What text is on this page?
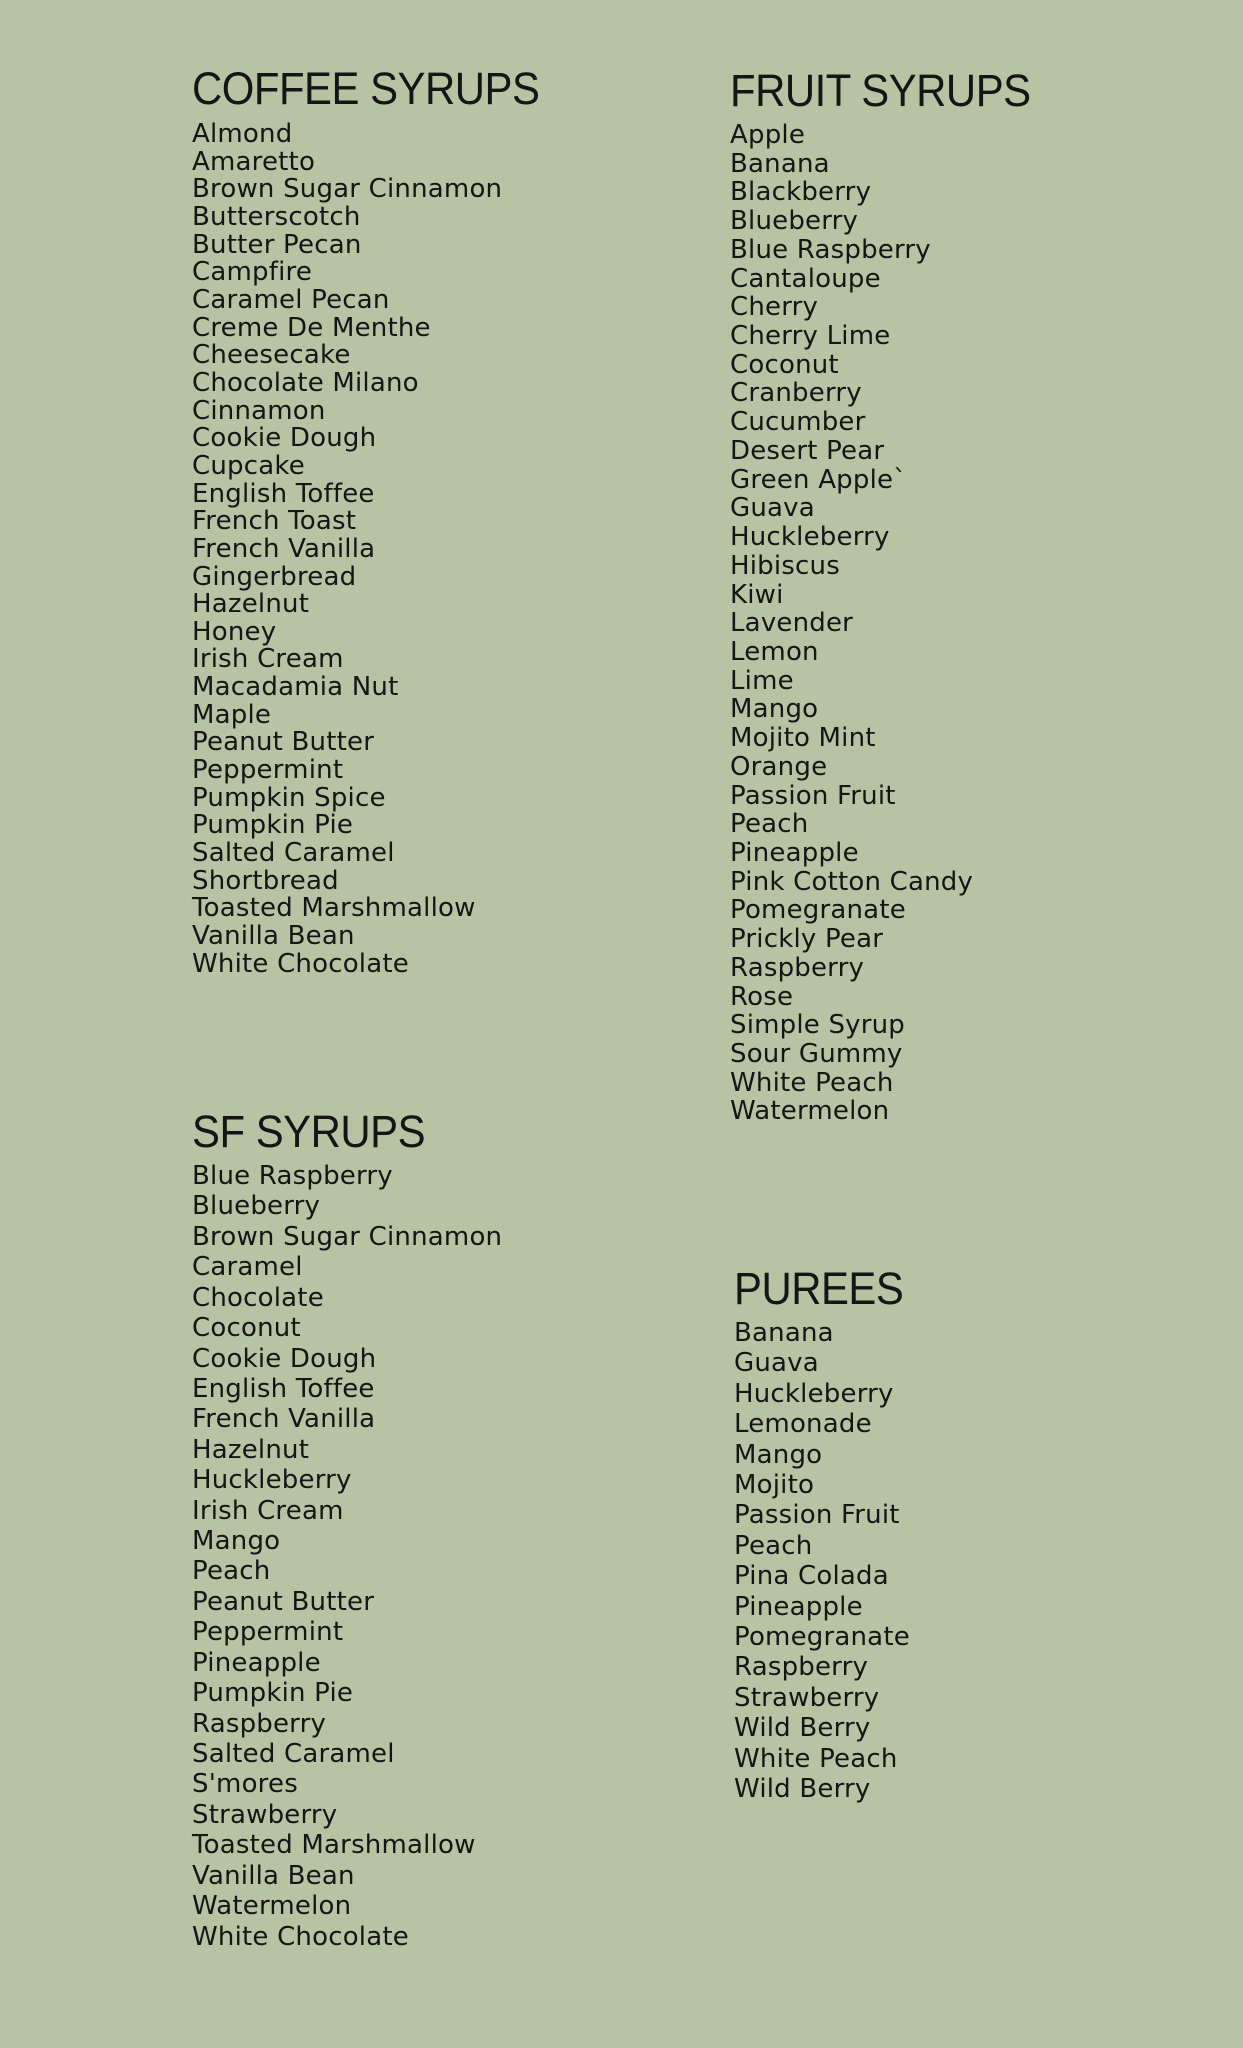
COFFEE SYRUPS
Almond
Amaretto
Brown Sugar Cinnamon
Butterscotch
Butter Pecan
Campfire
Caramel Pecan
Creme De Menthe
Cheesecake
Chocolate Milano
Cinnamon
Cookie Dough
Cupcake
English Toffee
French Toast
French Vanilla
Gingerbread
Hazelnut
Honey
Irish Cream
Macadamia Nut
Maple
Peanut Butter
Peppermint
Pumpkin Spice
Pumpkin Pie
Salted Caramel
Shortbread
Toasted Marshmallow
Vanilla Bean
White Chocolate
FRUIT SYRUPS
Apple
Banana
Blackberry
Blueberry
Blue Raspberry
Cantaloupe
Cherry
Cherry Lime
Coconut
Cranberry
Cucumber
Desert Pear
Green Apple`
Guava
Huckleberry
Hibiscus
Kiwi
Lavender
Lemon
Lime
Mango
Mojito Mint
Orange
Passion Fruit
Peach
Pineapple
Pink Cotton Candy
Pomegranate
Prickly Pear
Raspberry
Rose
Simple Syrup
Sour Gummy
White Peach
Watermelon
SF SYRUPS
Blue Raspberry
Blueberry
Brown Sugar Cinnamon
Caramel
Chocolate
Coconut
Cookie Dough
English Toffee
French Vanilla
Hazelnut
Huckleberry
Irish Cream
Mango
Peach
Peanut Butter
Peppermint
Pineapple
Pumpkin Pie
Raspberry
Salted Caramel
S'mores
Strawberry
Toasted Marshmallow
Vanilla Bean
Watermelon
White Chocolate
PUREES
Banana
Guava
Huckleberry
Lemonade
Mango
Mojito
Passion Fruit
Peach
Pina Colada
Pineapple
Pomegranate
Raspberry
Strawberry
Wild Berry
White Peach
Wild Berry
